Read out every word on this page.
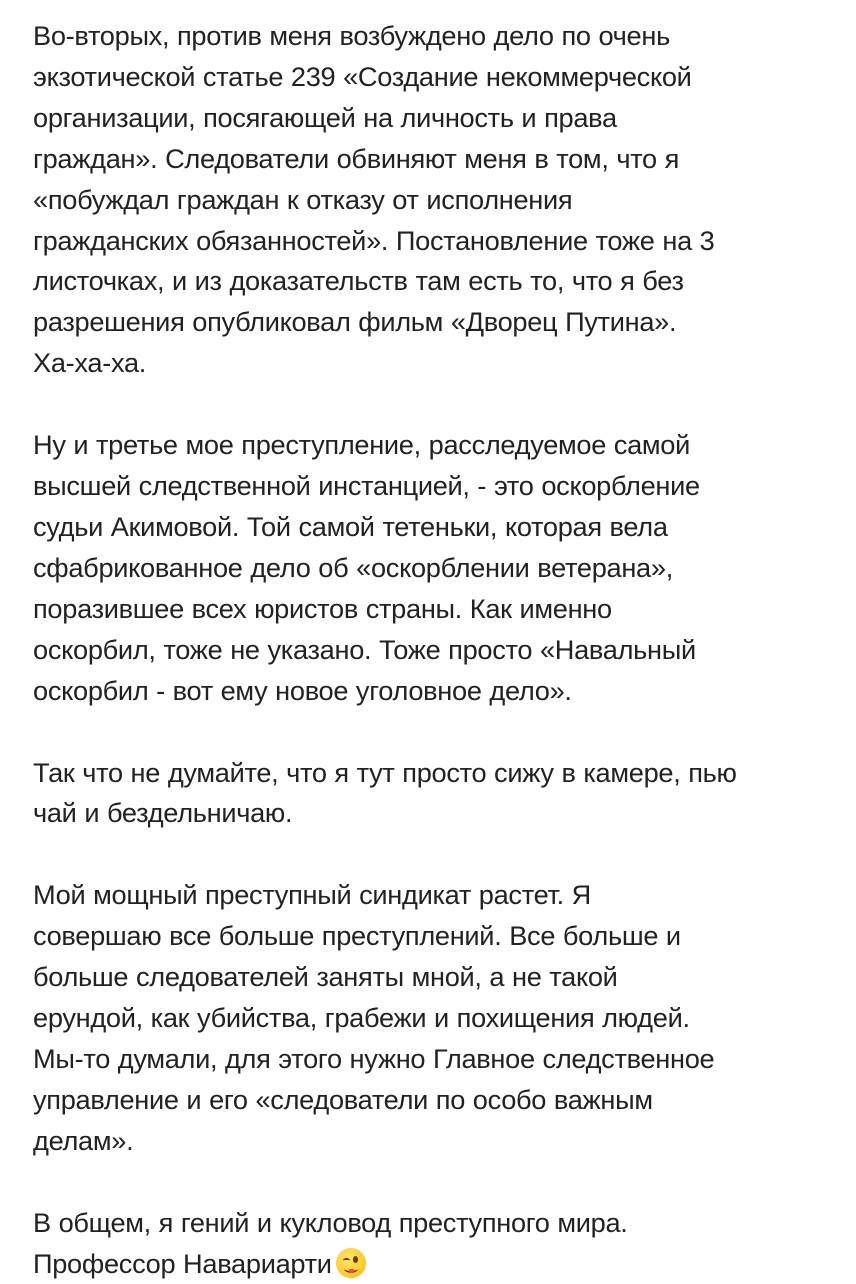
Во-вторых, против меня возбуждено дело по очень
экзотической статье 239 «Создание некоммерческой
организации, посягающей на личность и права
граждан». Следователи обвиняют меня в том, что я
«побуждал граждан к отказу от исполнения
гражданских обязанностей». Постановление тоже на 3
листочках, и из доказательств там есть то, что я без
разрешения опубликовал фильм «Дворец Путина».
Ха-ха-ха.

Ну и третье мое преступление, расследуемое самой
высшей следственной инстанцией, - это оскорбление
судьи Акимовой. Той самой тетеньки, которая вела
сфабрикованное дело об «оскорблении ветерана»,
поразившее всех юристов страны. Как именно
оскорбил, тоже не указано. Тоже просто «Навальный
оскорбил - вот ему новое уголовное дело».

Так что не думайте, что я тут просто сижу в камере, пью
чай и бездельничаю.

Мой мощный преступный синдикат растет. Я
совершаю все больше преступлений. Все больше и
больше следователей заняты мной, а не такой
ерундой, как убийства, грабежи и похищения людей.
Мы-то думали, для этого нужно Главное следственное
управление и его «следователи по особо важным
делам».

В общем, я гений и кукловод преступного мира.
Профессор Навариарти
